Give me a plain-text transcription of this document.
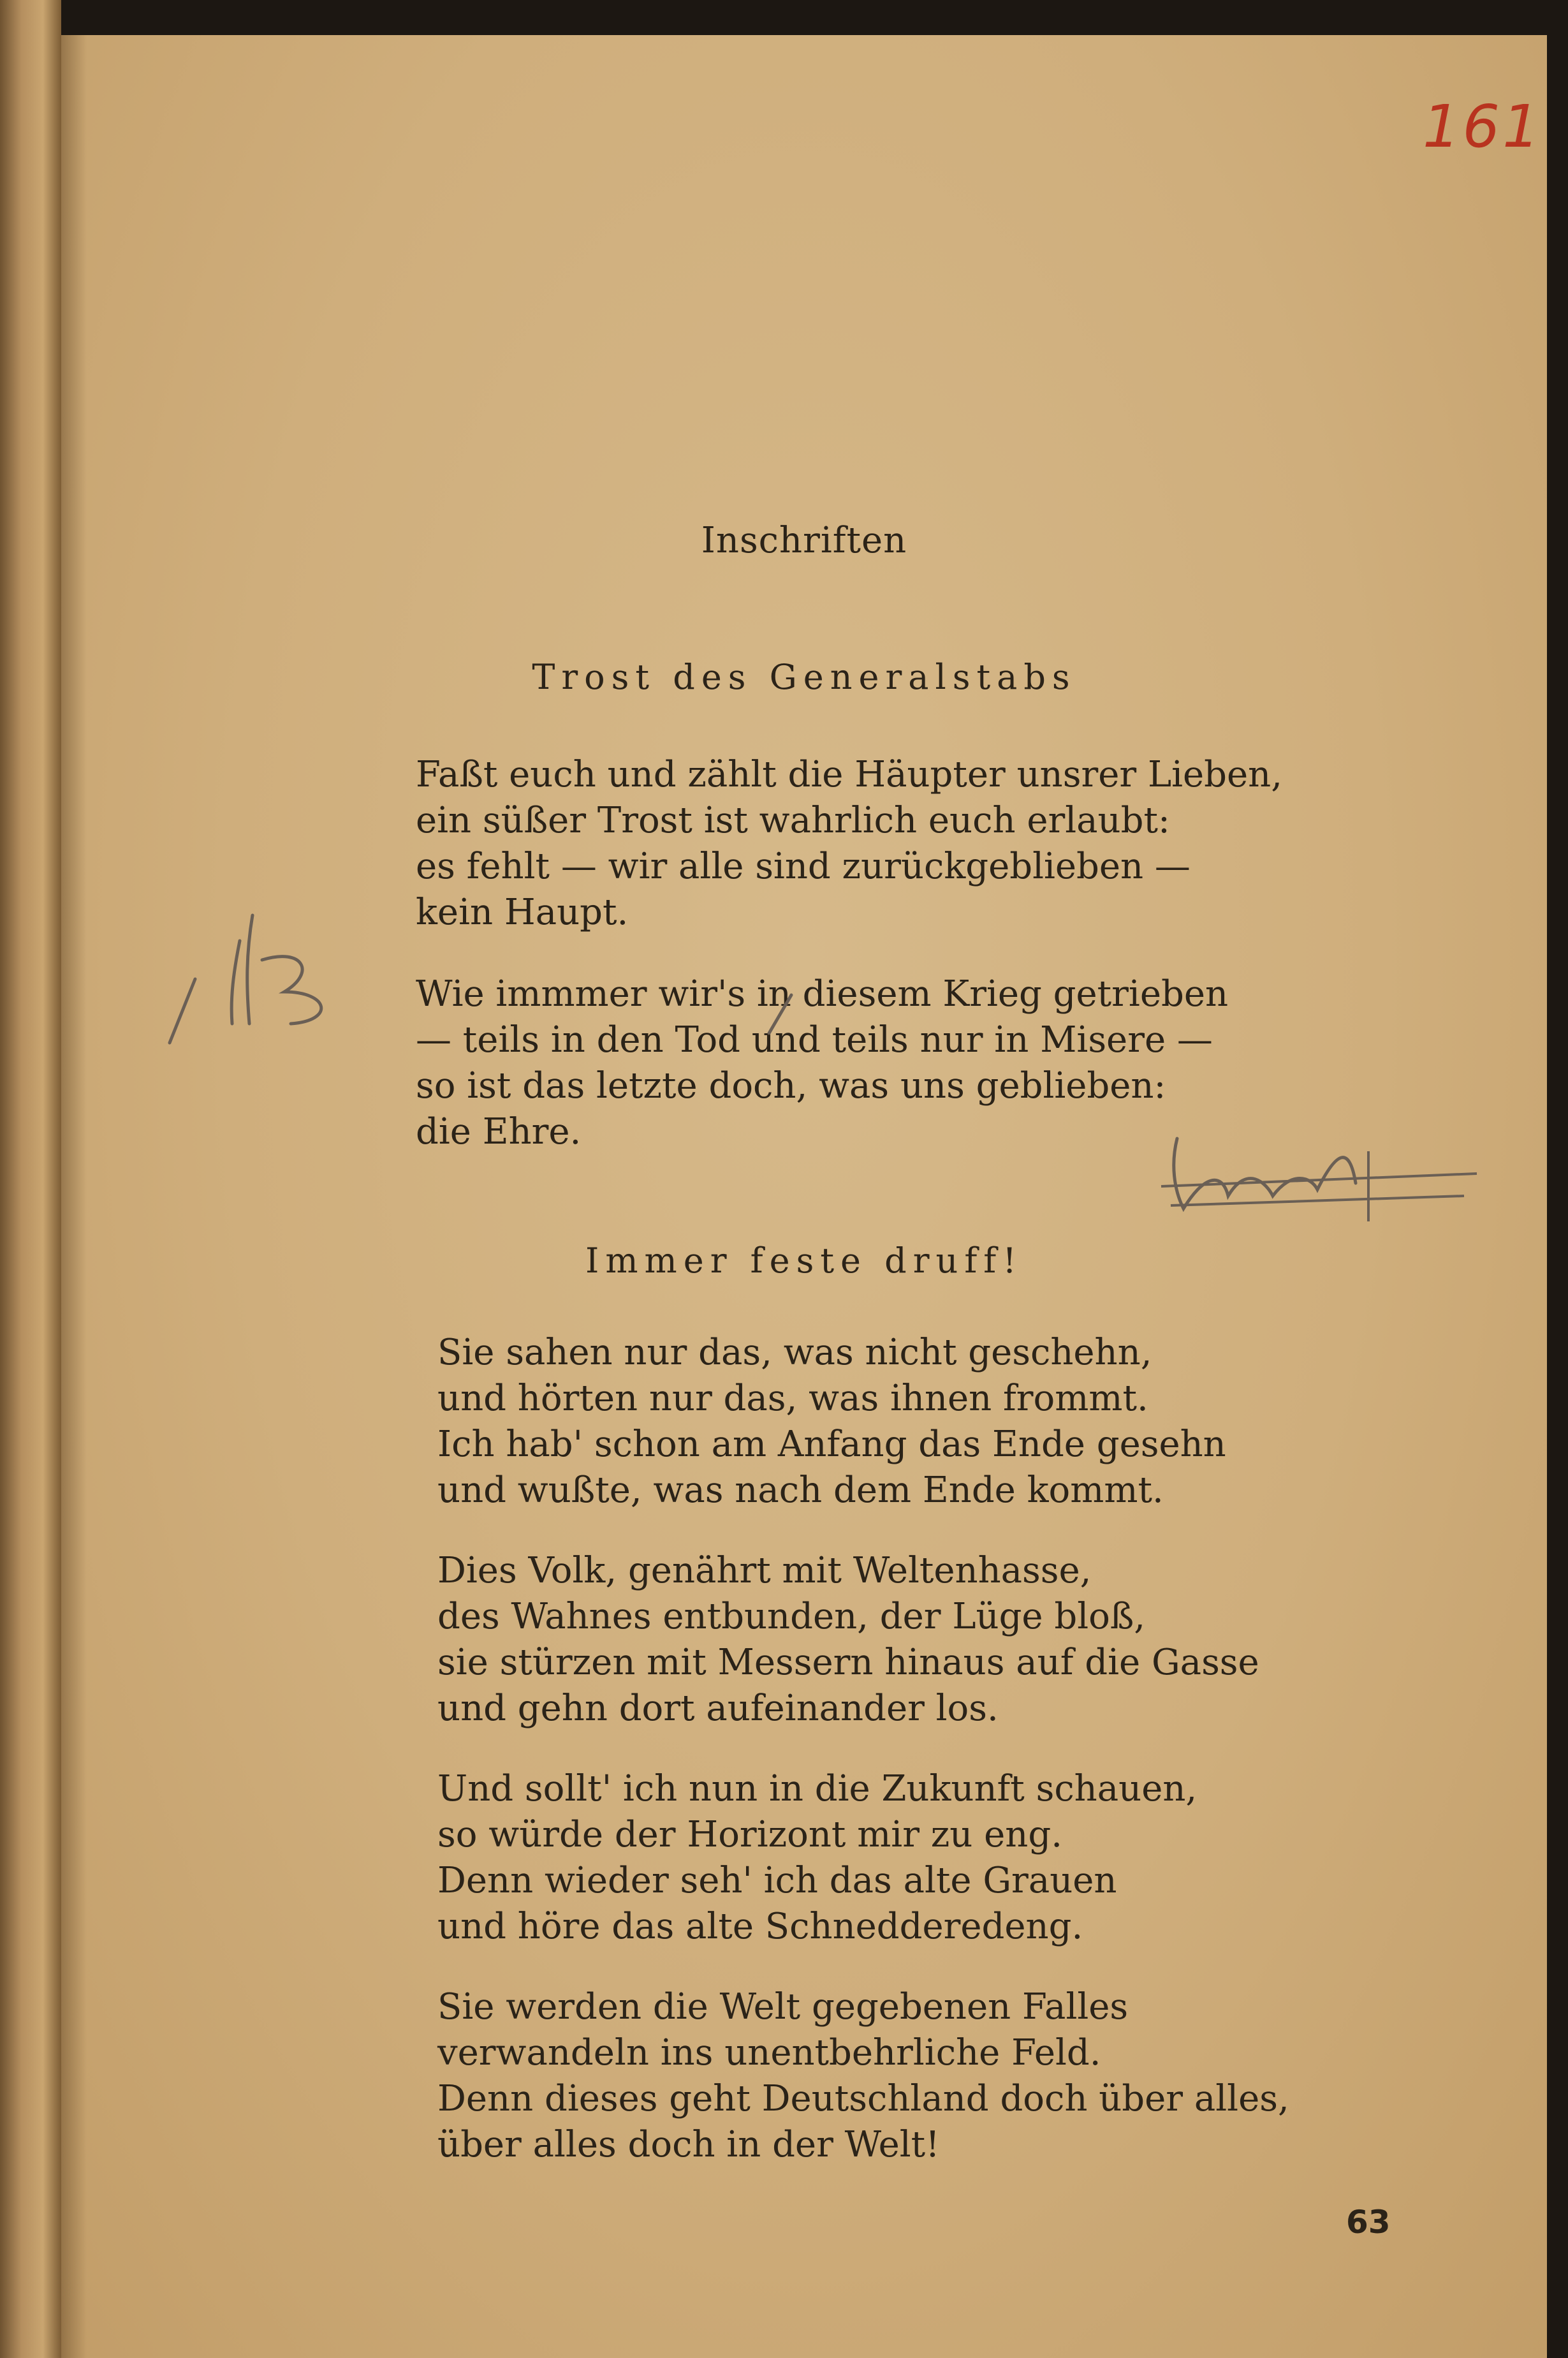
161
Inschriften
Trost des Generalstabs
Faßt euch und zählt die Häupter unsrer Lieben,
ein süßer Trost ist wahrlich euch erlaubt:
es fehlt — wir alle sind zurückgeblieben —
kein Haupt.
Wie immmer wir's in diesem Krieg getrieben
— teils in den Tod und teils nur in Misere —
so ist das letzte doch, was uns geblieben:
die Ehre.
Immer feste druff!
Sie sahen nur das, was nicht geschehn,
und hörten nur das, was ihnen frommt.
Ich hab' schon am Anfang das Ende gesehn
und wußte, was nach dem Ende kommt.
Dies Volk, genährt mit Weltenhasse,
des Wahnes entbunden, der Lüge bloß,
sie stürzen mit Messern hinaus auf die Gasse
und gehn dort aufeinander los.
Und sollt' ich nun in die Zukunft schauen,
so würde der Horizont mir zu eng.
Denn wieder seh' ich das alte Grauen
und höre das alte Schnedderedeng.
Sie werden die Welt gegebenen Falles
verwandeln ins unentbehrliche Feld.
Denn dieses geht Deutschland doch über alles,
über alles doch in der Welt!
63
